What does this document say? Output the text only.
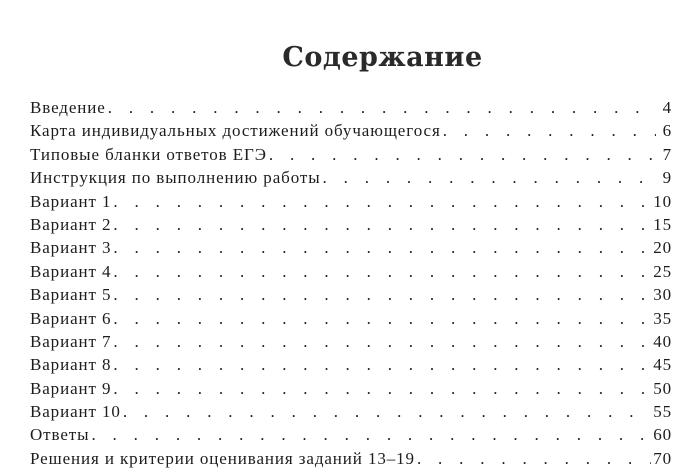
Содержание
Введение . . .	4
Карта индивидуальных достижений обучающегося . . .	6
Типовые бланки ответов ЕГЭ . . .	7
Инструкция по выполнению работы . . .	9
Вариант 1 . . .	10
Вариант 2 . . .	15
Вариант 3 . . .	20
Вариант 4 . . .	25
Вариант 5 . . .	30
Вариант 6 . . .	35
Вариант 7 . . .	40
Вариант 8 . . .	45
Вариант 9 . . .	50
Вариант 10 . . .	55
Ответы . . .	60
Решения и критерии оценивания заданий 13–19 . . .	70
